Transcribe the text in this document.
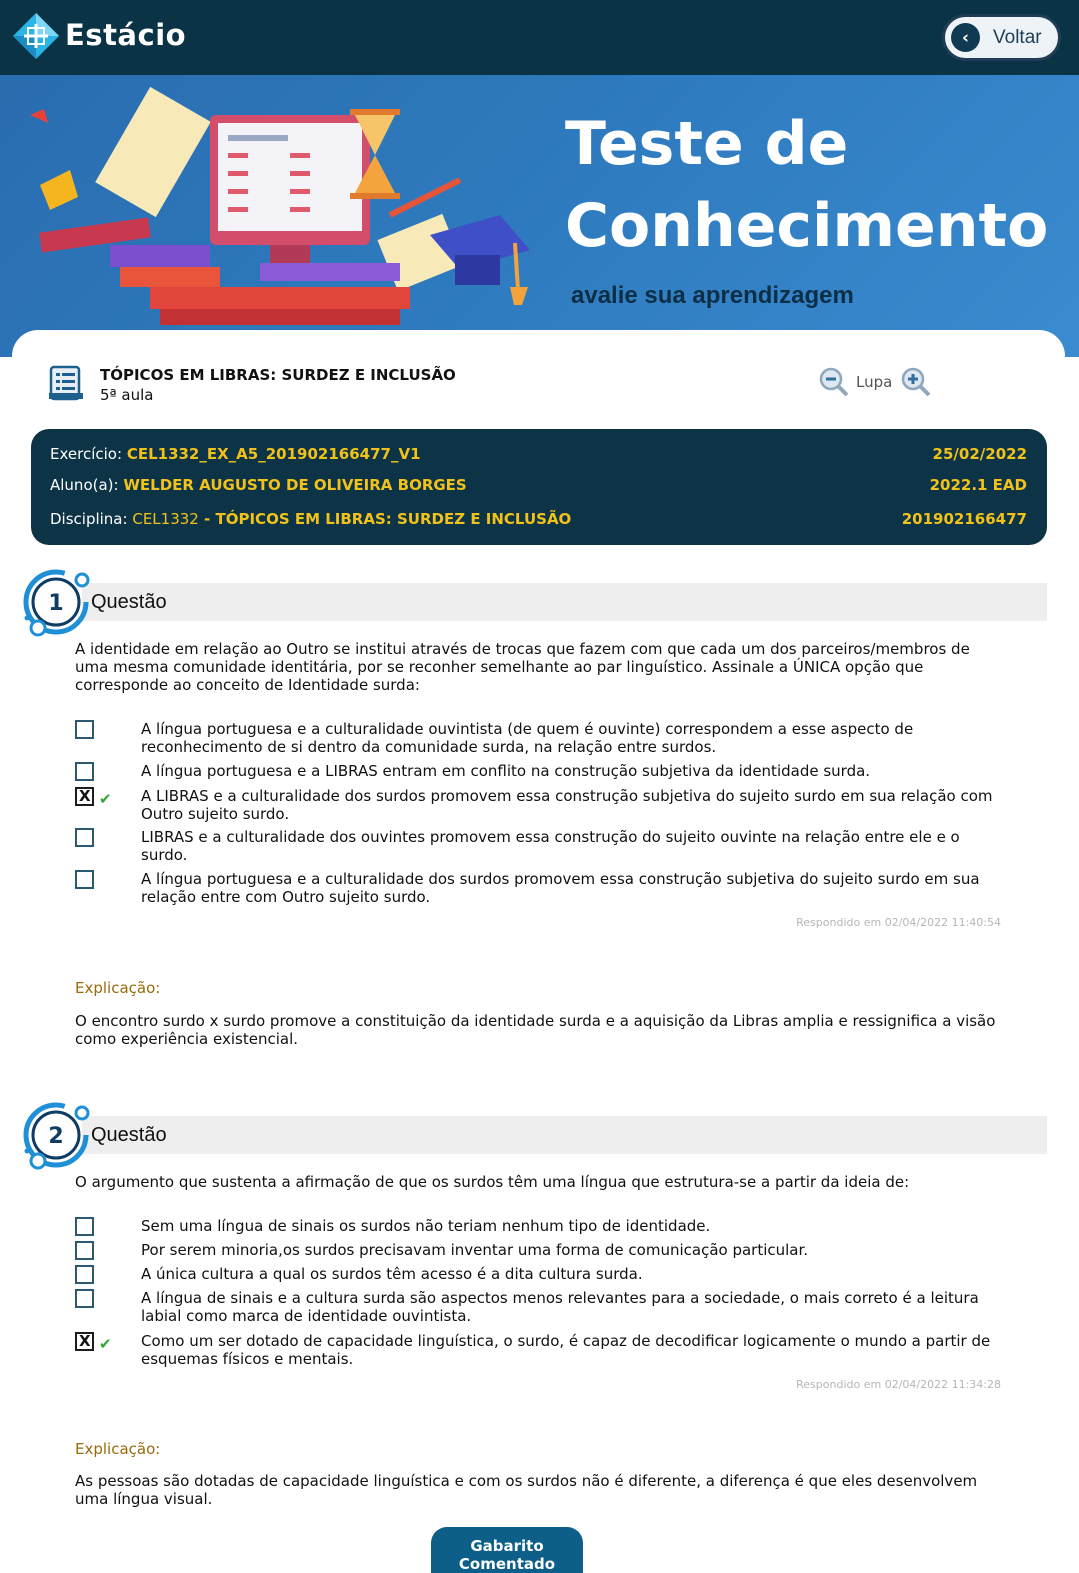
Estácio	‹	Voltar
Teste de
Conhecimento
avalie sua aprendizagem
TÓPICOS EM LIBRAS: SURDEZ E INCLUSÃO
5ª aula
Lupa
Exercício: CEL1332_EX_A5_201902166477_V1	25/02/2022
Aluno(a): WELDER AUGUSTO DE OLIVEIRA BORGES	2022.1 EAD
Disciplina: CEL1332 - TÓPICOS EM LIBRAS: SURDEZ E INCLUSÃO	201902166477
Questão
1
A identidade em relação ao Outro se institui através de trocas que fazem com que cada um dos parceiros/membros de uma mesma comunidade identitária, por se reconher semelhante ao par linguístico. Assinale a ÚNICA opção que corresponde ao conceito de Identidade surda:
A língua portuguesa e a culturalidade ouvintista (de quem é ouvinte) correspondem a esse aspecto de reconhecimento de si dentro da comunidade surda, na relação entre surdos.
A língua portuguesa e a LIBRAS entram em conflito na construção subjetiva da identidade surda.
X
✔ A LIBRAS e a culturalidade dos surdos promovem essa construção subjetiva do sujeito surdo em sua relação com Outro sujeito surdo.
LIBRAS e a culturalidade dos ouvintes promovem essa construção do sujeito ouvinte na relação entre ele e o surdo.
A língua portuguesa e a culturalidade dos surdos promovem essa construção subjetiva do sujeito surdo em sua relação entre com Outro sujeito surdo.
Respondido em 02/04/2022 11:40:54
Explicação:
O encontro surdo x surdo promove a constituição da identidade surda e a aquisição da Libras amplia e ressignifica a visão como experiência existencial.
Questão
2
O argumento que sustenta a afirmação de que os surdos têm uma língua que estrutura-se a partir da ideia de:
Sem uma língua de sinais os surdos não teriam nenhum tipo de identidade.
Por serem minoria,os surdos precisavam inventar uma forma de comunicação particular.
A única cultura a qual os surdos têm acesso é a dita cultura surda.
A língua de sinais e a cultura surda são aspectos menos relevantes para a sociedade, o mais correto é a leitura labial como marca de identidade ouvintista.
X
✔ Como um ser dotado de capacidade linguística, o surdo, é capaz de decodificar logicamente o mundo a partir de esquemas físicos e mentais.
Respondido em 02/04/2022 11:34:28
Explicação:
As pessoas são dotadas de capacidade linguística e com os surdos não é diferente, a diferença é que eles desenvolvem uma língua visual.
Gabarito
Comentado
